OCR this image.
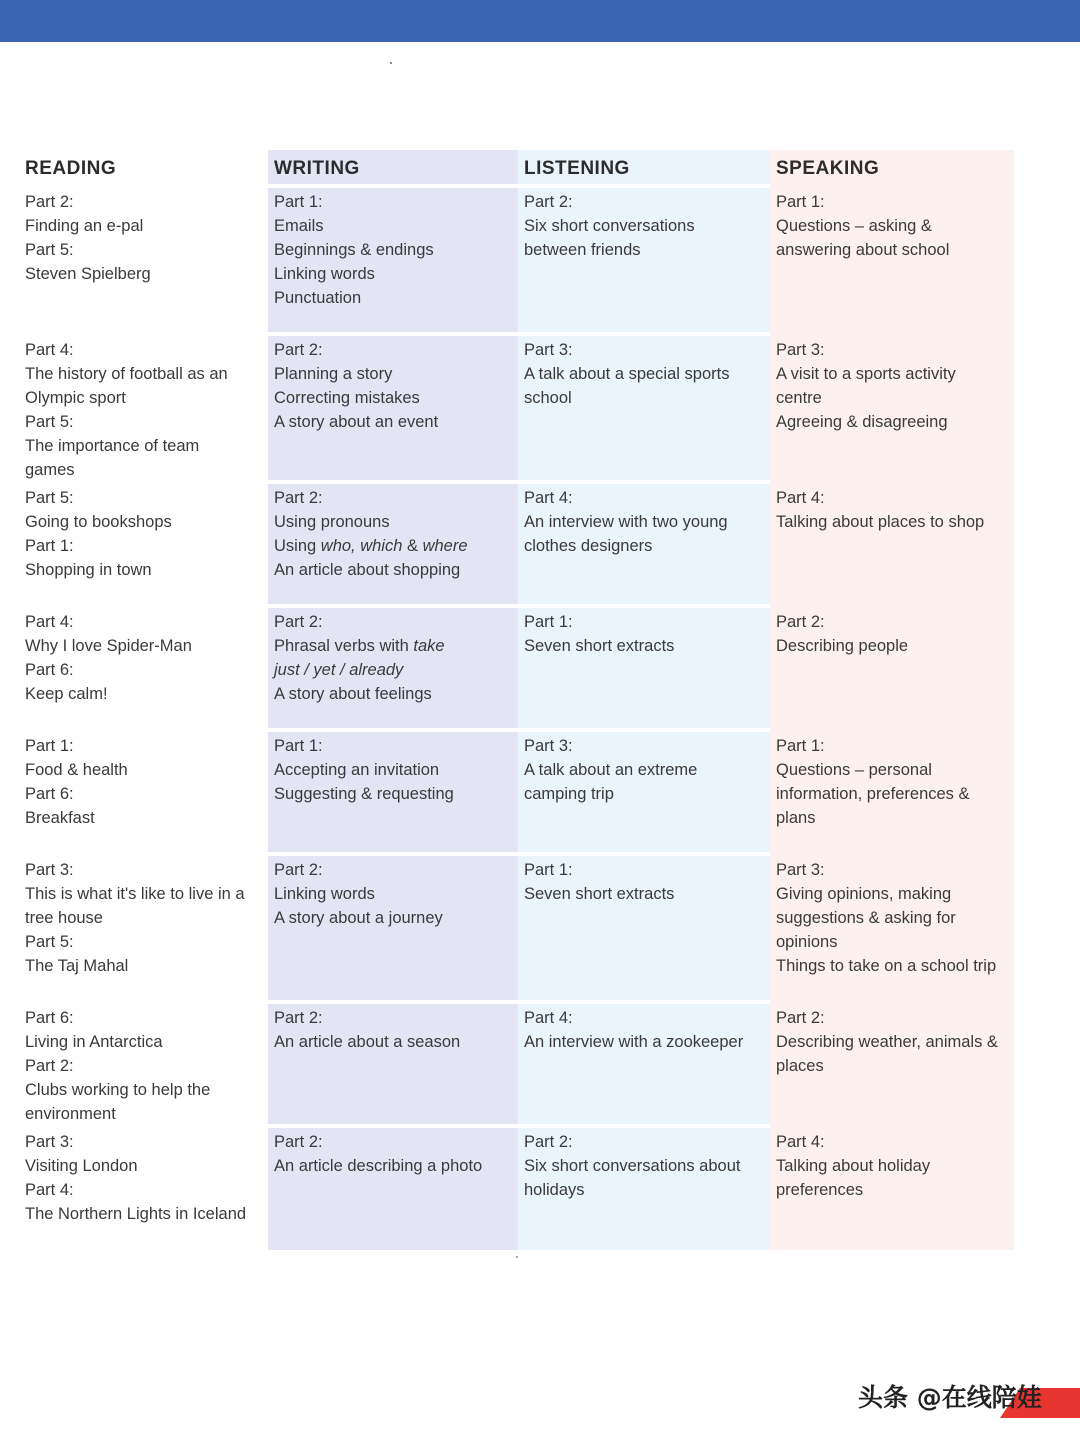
READING
Part 2:
Finding an e-pal
Part 5:
Steven Spielberg
Part 4:
The history of football as an
Olympic sport
Part 5:
The importance of team
games
Part 5:
Going to bookshops
Part 1:
Shopping in town
Part 4:
Why I love Spider-Man
Part 6:
Keep calm!
Part 1:
Food & health
Part 6:
Breakfast
Part 3:
This is what it's like to live in a
tree house
Part 5:
The Taj Mahal
Part 6:
Living in Antarctica
Part 2:
Clubs working to help the
environment
Part 3:
Visiting London
Part 4:
The Northern Lights in Iceland
WRITING
Part 1:
Emails
Beginnings & endings
Linking words
Punctuation
Part 2:
Planning a story
Correcting mistakes
A story about an event
Part 2:
Using pronouns
Using who, which & where
An article about shopping
Part 2:
Phrasal verbs with take
just / yet / already
A story about feelings
Part 1:
Accepting an invitation
Suggesting & requesting
Part 2:
Linking words
A story about a journey
Part 2:
An article about a season
Part 2:
An article describing a photo
LISTENING
Part 2:
Six short conversations
between friends
Part 3:
A talk about a special sports
school
Part 4:
An interview with two young
clothes designers
Part 1:
Seven short extracts
Part 3:
A talk about an extreme
camping trip
Part 1:
Seven short extracts
Part 4:
An interview with a zookeeper
Part 2:
Six short conversations about
holidays
SPEAKING
Part 1:
Questions – asking &
answering about school
Part 3:
A visit to a sports activity
centre
Agreeing & disagreeing
Part 4:
Talking about places to shop
Part 2:
Describing people
Part 1:
Questions – personal
information, preferences &
plans
Part 3:
Giving opinions, making
suggestions & asking for
opinions
Things to take on a school trip
Part 2:
Describing weather, animals &
places
Part 4:
Talking about holiday
preferences
头条 @在线陪娃
